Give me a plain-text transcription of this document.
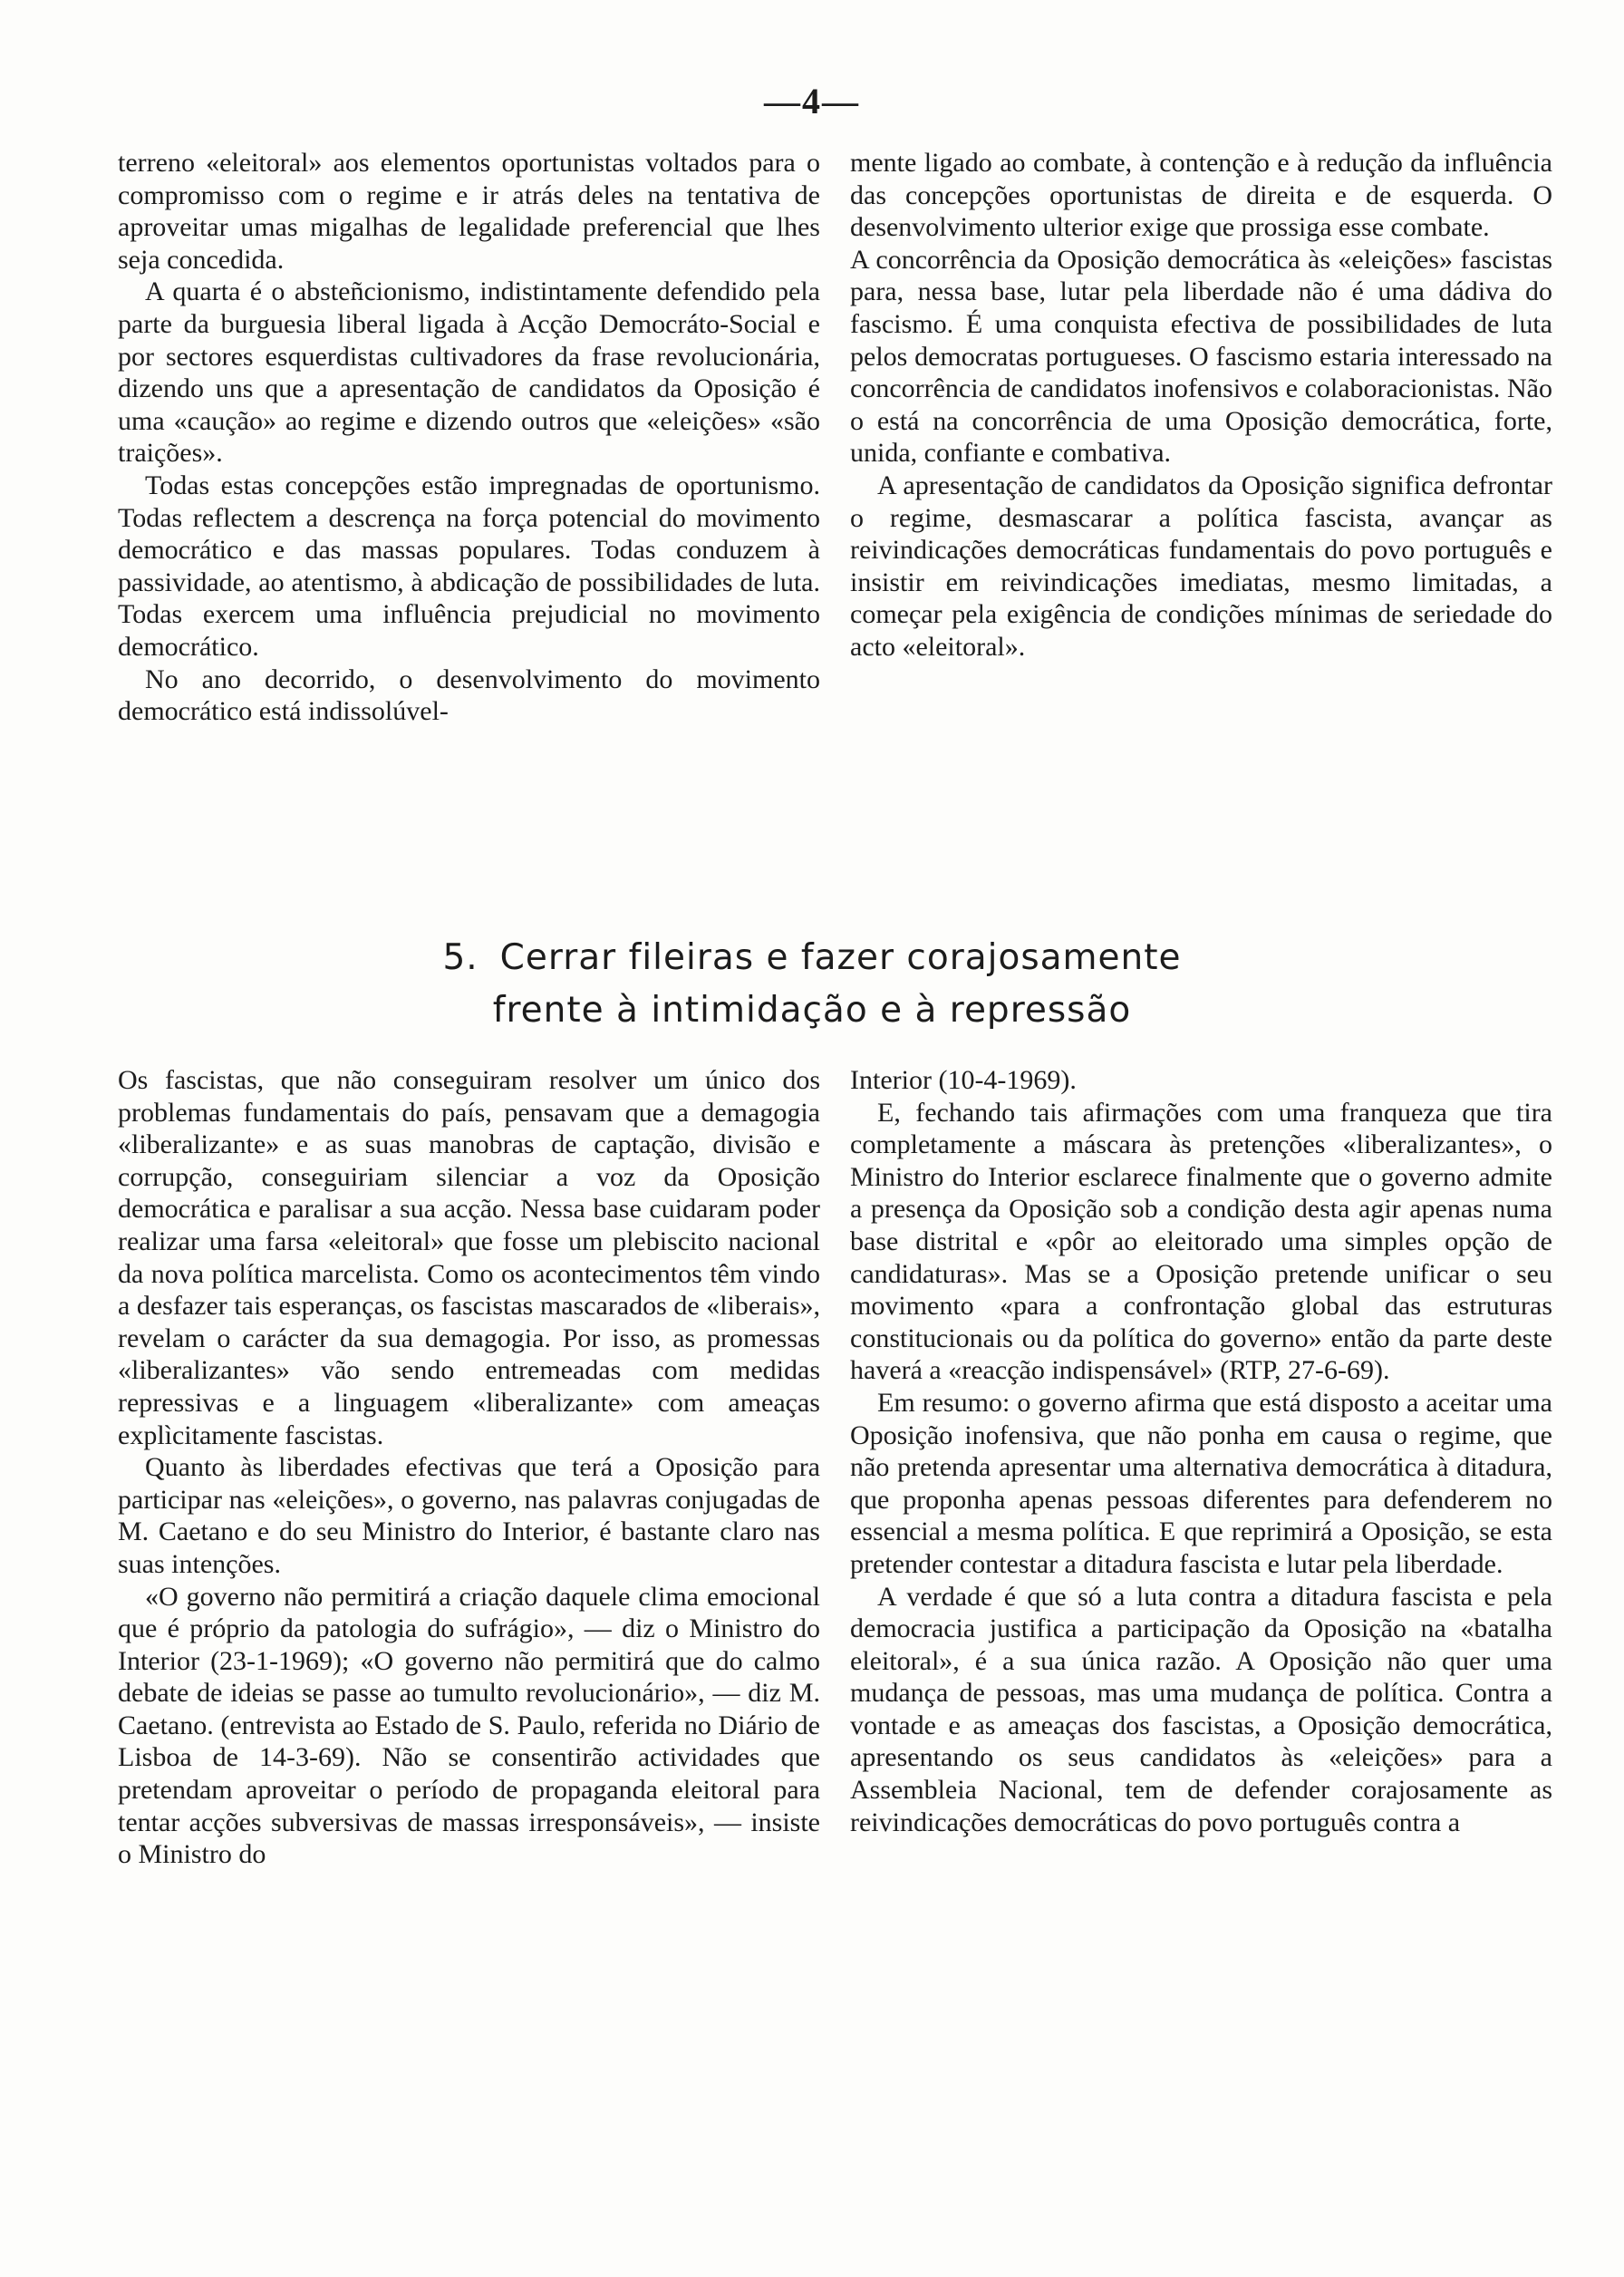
—4—

terreno «eleitoral» aos elementos oportunistas voltados para o compromisso com o regime e ir atrás deles na tentativa de aproveitar umas migalhas de legalidade preferencial que lhes seja concedida.

A quarta é o absteñcionismo, indistintamente defendido pela parte da burguesia liberal ligada à Acção Democráto-Social e por sectores esquerdistas cultivadores da frase revolucionária, dizendo uns que a apresentação de candidatos da Oposição é uma «caução» ao regime e dizendo outros que «eleições» «são traições».

Todas estas concepções estão impregnadas de oportunismo. Todas reflectem a descrença na força potencial do movimento democrático e das massas populares. Todas conduzem à passividade, ao atentismo, à abdicação de possibilidades de luta. Todas exercem uma influência prejudicial no movimento democrático.

No ano decorrido, o desenvolvimento do movimento democrático está indissolúvel-

mente ligado ao combate, à contenção e à redução da influência das concepções oportunistas de direita e de esquerda. O desenvolvimento ulterior exige que prossiga esse combate.

A concorrência da Oposição democrática às «eleições» fascistas para, nessa base, lutar pela liberdade não é uma dádiva do fascismo. É uma conquista efectiva de possibilidades de luta pelos democratas portugueses. O fascismo estaria interessado na concorrência de candidatos inofensivos e colaboracionistas. Não o está na concorrência de uma Oposição democrática, forte, unida, confiante e combativa.

A apresentação de candidatos da Oposição significa defrontar o regime, desmascarar a política fascista, avançar as reivindicações democráticas fundamentais do povo português e insistir em reivindicações imediatas, mesmo limitadas, a começar pela exigência de condições mínimas de seriedade do acto «eleitoral».

5. Cerrar fileiras e fazer corajosamente
frente à intimidação e à repressão

Os fascistas, que não conseguiram resolver um único dos problemas fundamentais do país, pensavam que a demagogia «liberalizante» e as suas manobras de captação, divisão e corrupção, conseguiriam silenciar a voz da Oposição democrática e paralisar a sua acção. Nessa base cuidaram poder realizar uma farsa «eleitoral» que fosse um plebiscito nacional da nova política marcelista. Como os acontecimentos têm vindo a desfazer tais esperanças, os fascistas mascarados de «liberais», revelam o carácter da sua demagogia. Por isso, as promessas «liberalizantes» vão sendo entremeadas com medidas repressivas e a linguagem «liberalizante» com ameaças explìcitamente fascistas.

Quanto às liberdades efectivas que terá a Oposição para participar nas «eleições», o governo, nas palavras conjugadas de M. Caetano e do seu Ministro do Interior, é bastante claro nas suas intenções.

«O governo não permitirá a criação daquele clima emocional que é próprio da patologia do sufrágio», — diz o Ministro do Interior (23-1-1969); «O governo não permitirá que do calmo debate de ideias se passe ao tumulto revolucionário», — diz M. Caetano. (entrevista ao Estado de S. Paulo, referida no Diário de Lisboa de 14-3-69). Não se consentirão actividades que pretendam aproveitar o período de propaganda eleitoral para tentar acções subversivas de massas irresponsáveis», — insiste o Ministro do

Interior (10-4-1969).

E, fechando tais afirmações com uma franqueza que tira completamente a máscara às pretenções «liberalizantes», o Ministro do Interior esclarece finalmente que o governo admite a presença da Oposição sob a condição desta agir apenas numa base distrital e «pôr ao eleitorado uma simples opção de candidaturas». Mas se a Oposição pretende unificar o seu movimento «para a confrontação global das estruturas constitucionais ou da política do governo» então da parte deste haverá a «reacção indispensável» (RTP, 27-6-69).

Em resumo: o governo afirma que está disposto a aceitar uma Oposição inofensiva, que não ponha em causa o regime, que não pretenda apresentar uma alternativa democrática à ditadura, que proponha apenas pessoas diferentes para defenderem no essencial a mesma política. E que reprimirá a Oposição, se esta pretender contestar a ditadura fascista e lutar pela liberdade.

A verdade é que só a luta contra a ditadura fascista e pela democracia justifica a participação da Oposição na «batalha eleitoral», é a sua única razão. A Oposição não quer uma mudança de pessoas, mas uma mudança de política. Contra a vontade e as ameaças dos fascistas, a Oposição democrática, apresentando os seus candidatos às «eleições» para a Assembleia Nacional, tem de defender corajosamente as reivindicações democráticas do povo português contra a
